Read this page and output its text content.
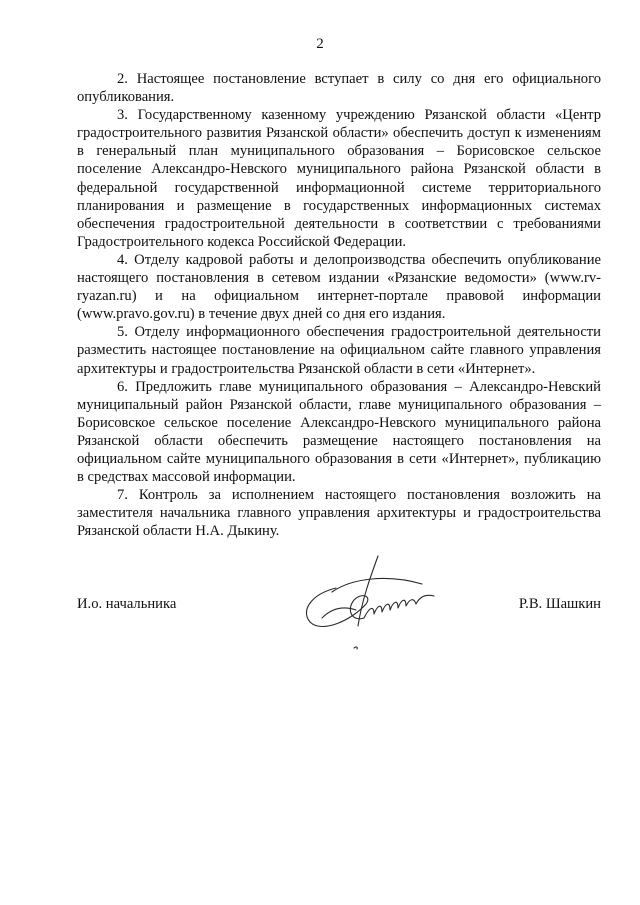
2

2. Настоящее постановление вступает в силу со дня его официального опубликования.

3. Государственному казенному учреждению Рязанской области «Центр градостроительного развития Рязанской области» обеспечить доступ к изменениям в генеральный план муниципального образования – Борисовское сельское поселение Александро-Невского муниципального района Рязанской области в федеральной государственной информационной системе территориального планирования и размещение в государственных информационных системах обеспечения градостроительной деятельности в соответствии с требованиями Градостроительного кодекса Российской Федерации.

4. Отделу кадровой работы и делопроизводства обеспечить опубликование настоящего постановления в сетевом издании «Рязанские ведомости» (www.rv-ryazan.ru) и на официальном интернет-портале правовой информации (www.pravo.gov.ru) в течение двух дней со дня его издания.

5. Отделу информационного обеспечения градостроительной деятельности разместить настоящее постановление на официальном сайте главного управления архитектуры и градостроительства Рязанской области в сети «Интернет».

6. Предложить главе муниципального образования – Александро-Невский муниципальный район Рязанской области, главе муниципального образования – Борисовское сельское поселение Александро-Невского муниципального района Рязанской области обеспечить размещение настоящего постановления на официальном сайте муниципального образования в сети «Интернет», публикацию в средствах массовой информации.

7. Контроль за исполнением настоящего постановления возложить на заместителя начальника главного управления архитектуры и градостроительства Рязанской области Н.А. Дыкину.

И.о. начальника	Р.В. Шашкин
